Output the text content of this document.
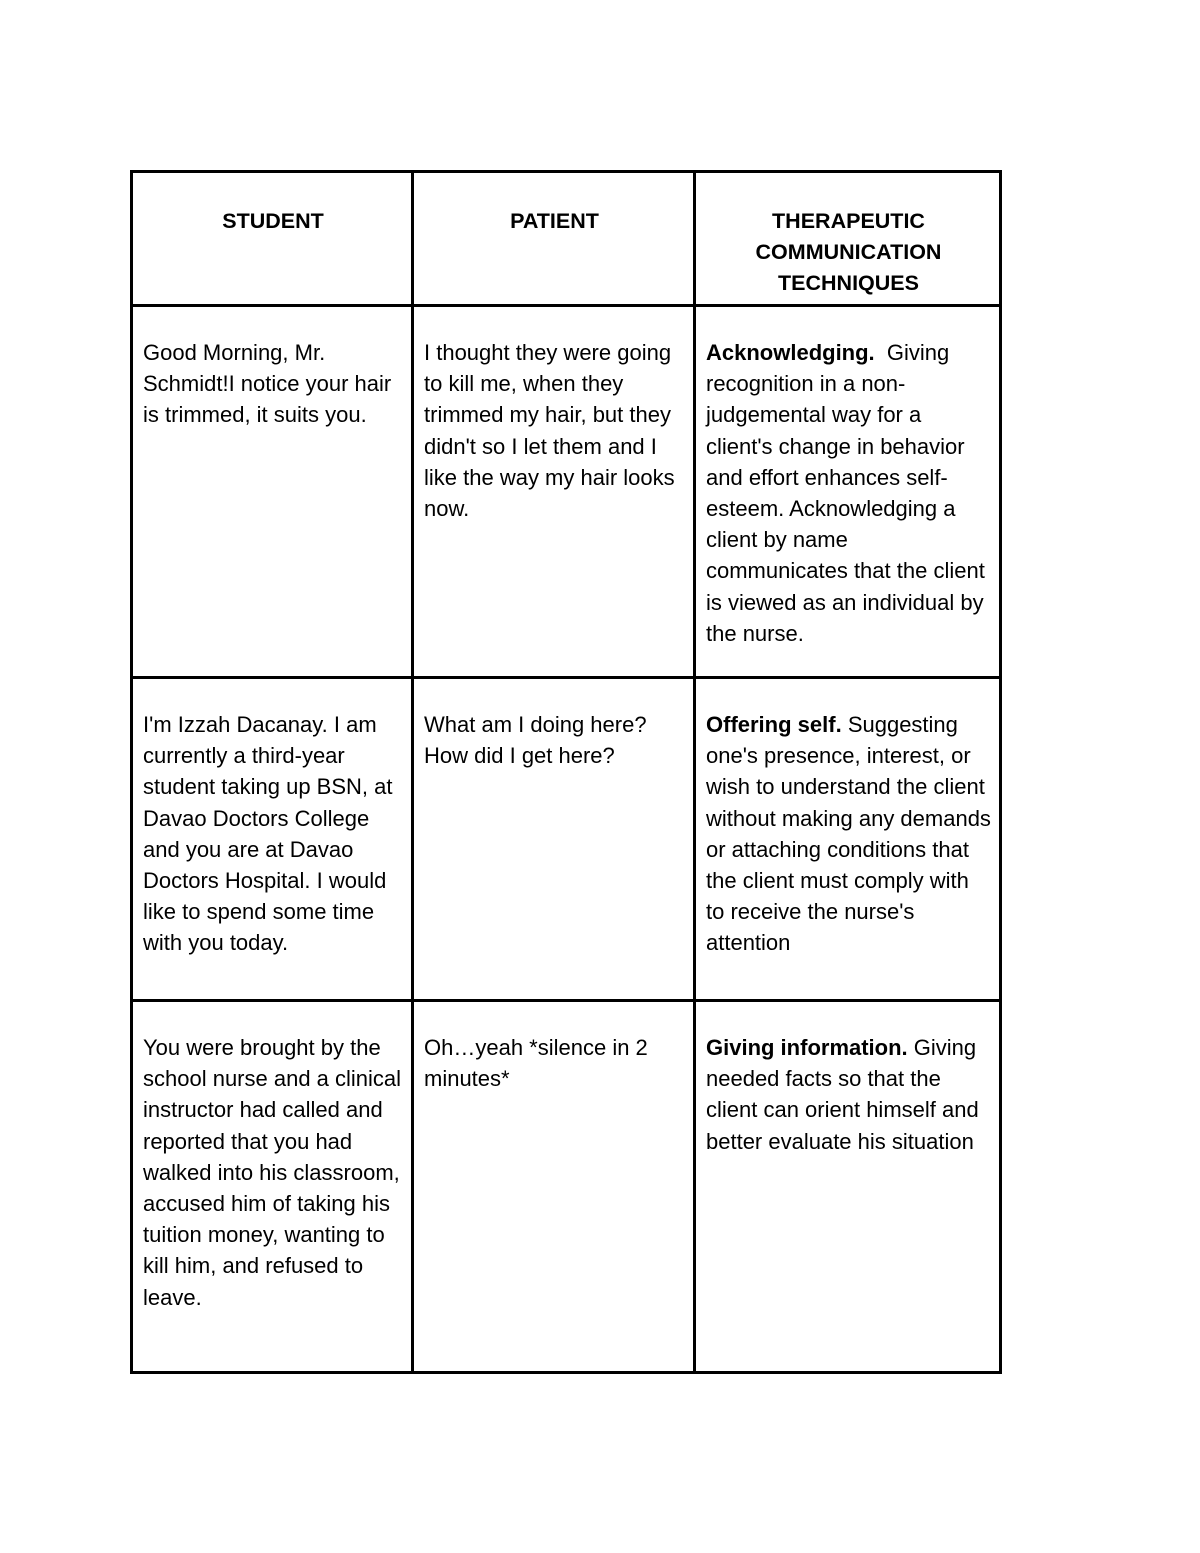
STUDENT	PATIENT	THERAPEUTIC COMMUNICATION TECHNIQUES
Good Morning, Mr. Schmidt!I notice your hair is trimmed, it suits you.	I thought they were going to kill me, when they trimmed my hair, but they didn't so I let them and I like the way my hair looks now.	Acknowledging. Giving recognition in a non-judgemental way for a client's change in behavior and effort enhances self-esteem. Acknowledging a client by name communicates that the client is viewed as an individual by the nurse.
I'm Izzah Dacanay. I am currently a third-year student taking up BSN, at Davao Doctors College and you are at Davao Doctors Hospital. I would like to spend some time with you today.	What am I doing here? How did I get here?	Offering self. Suggesting one's presence, interest, or wish to understand the client without making any demands or attaching conditions that the client must comply with to receive the nurse's attention
You were brought by the school nurse and a clinical instructor had called and reported that you had walked into his classroom, accused him of taking his tuition money, wanting to kill him, and refused to leave.	Oh…yeah *silence in 2 minutes*	Giving information. Giving needed facts so that the client can orient himself and better evaluate his situation
